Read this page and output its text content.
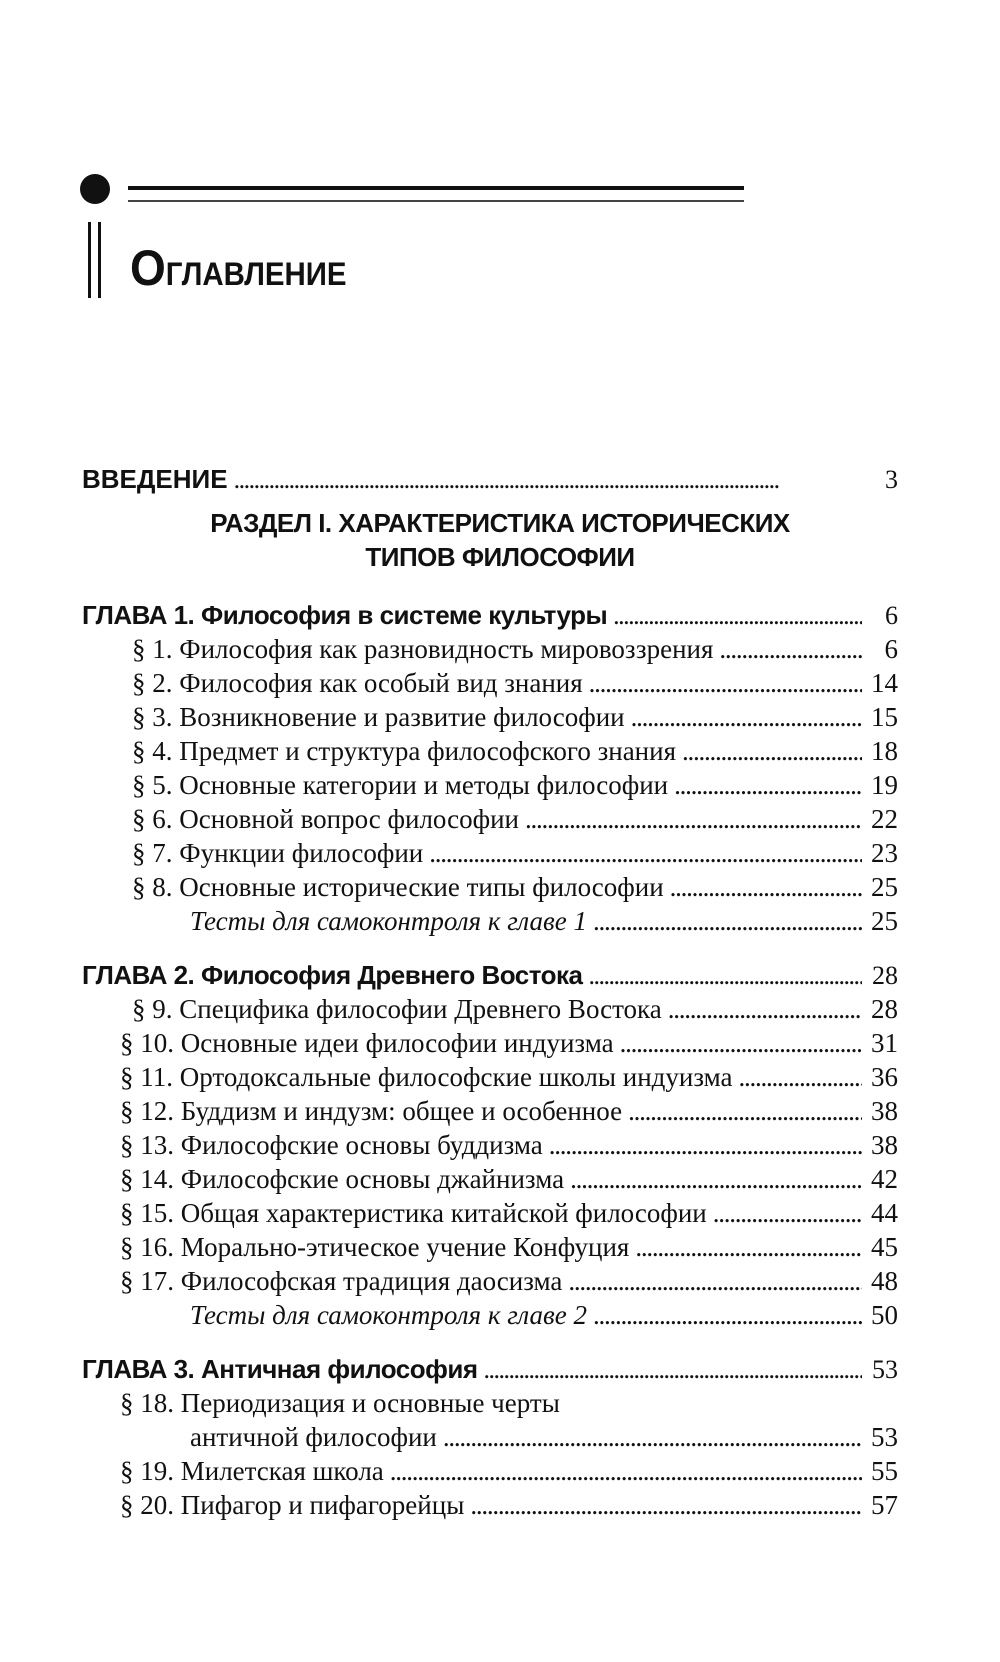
Оглавление
ВВЕДЕНИЕ . . .	3
РАЗДЕЛ I. ХАРАКТЕРИСТИКА ИСТОРИЧЕСКИХ
ТИПОВ ФИЛОСОФИИ
ГЛАВА 1. Философия в системе культуры . . .	6
§ 1. Философия как разновидность мировоззрения . . .	6
§ 2. Философия как особый вид знания . . .	14
§ 3. Возникновение и развитие философии . . .	15
§ 4. Предмет и структура философского знания . . .	18
§ 5. Основные категории и методы философии . . .	19
§ 6. Основной вопрос философии . . .	22
§ 7. Функции философии . . .	23
§ 8. Основные исторические типы философии . . .	25
Тесты для самоконтроля к главе 1 . . .	25
ГЛАВА 2. Философия Древнего Востока . . .	28
§ 9. Специфика философии Древнего Востока . . .	28
§ 10. Основные идеи философии индуизма . . .	31
§ 11. Ортодоксальные философские школы индуизма . . .	36
§ 12. Буддизм и индузм: общее и особенное . . .	38
§ 13. Философские основы буддизма . . .	38
§ 14. Философские основы джайнизма . . .	42
§ 15. Общая характеристика китайской философии . . .	44
§ 16. Морально-этическое учение Конфуция . . .	45
§ 17. Философская традиция даосизма . . .	48
Тесты для самоконтроля к главе 2 . . .	50
ГЛАВА 3. Античная философия . . .	53
§ 18. Периодизация и основные черты
античной философии . . .	53
§ 19. Милетская школа . . .	55
§ 20. Пифагор и пифагорейцы . . .	57
